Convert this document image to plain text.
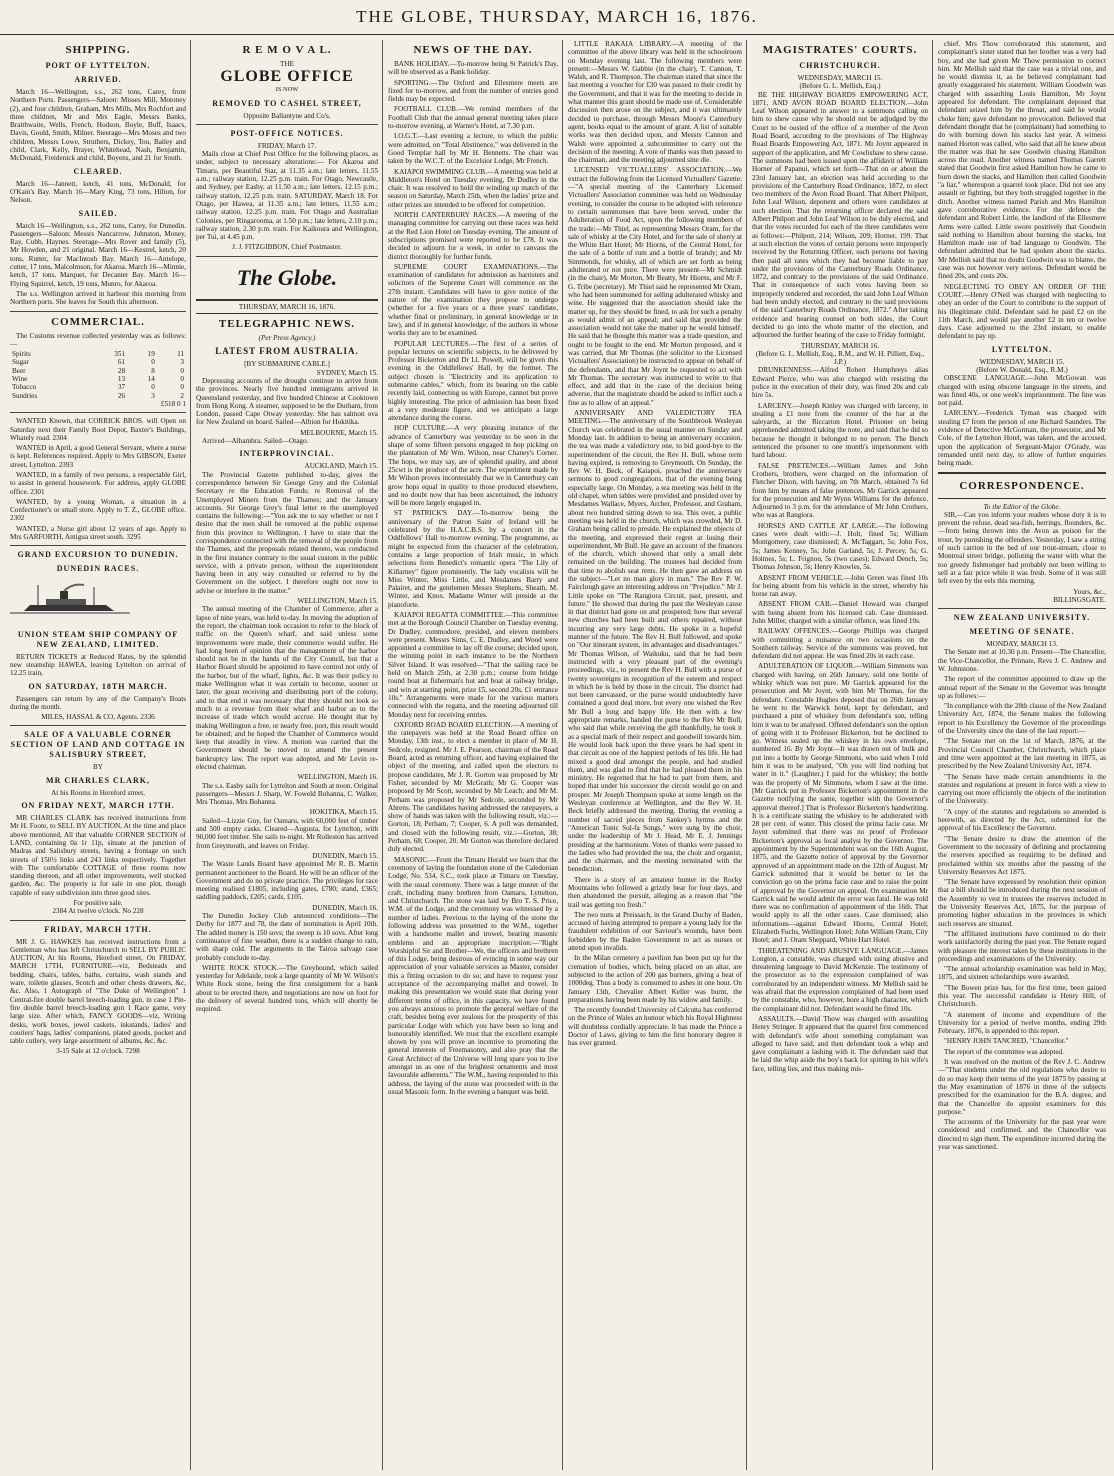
THE GLOBE, THURSDAY, MARCH 16, 1876.
SHIPPING.
PORT OF LYTTELTON.
ARRIVED.

March 16—Wellington, s.s., 262 tons, Carey, from Northern Ports. Passengers—Saloon: Misses Mill, Motoney (2), and four children, Graham, Mrs Mills, Mrs Rochfort and three children, Mr and Mrs Eagle, Messrs Banks, Braithwaite, Wells, French, Hodson, Boyle, Buff, Isaacs, Davis, Gould, Smith, Milner. Steerage—Mrs Moses and two children, Messrs Lowe, Struthers, Dickey, Tou, Bailey and child, Clark, Kelly, Brayer, Whitehead, Nash, Benjamin, McDonald, Freidenick and child, Boyens, and 21 for South.

CLEARED.

March 16—Jannett, ketch, 41 tons, McDonald, for O'Kain's Bay. March 16—Mary King, 73 tons, Hilton, for Nelson.

SAILED.

March 16—Wellington, s.s., 262 tons, Carey, for Dunedin. Passengers—Saloon: Messrs Nancarrow, Johnston, Money, Ray, Cubb, Haynes. Steerage—Mrs Rover and family (5), Mr Howden, and 21 original. March 16—Kestrel, ketch, 20 tons, Rutter, for MacIntosh Bay. March 16—Antelope, cutter, 17 tons, Malcolmson, for Akaroa. March 16—Minnie, ketch, 17 tons, Marquet, for Decanter Bay. March 16—Flying Squirrel, ketch, 19 tons, Munro, for Akaroa.

The s.s. Wellington arrived in harbour this morning from Northern ports. She leaves for South this afternoon.

COMMERCIAL.

The Customs revenue collected yesterday was as follows:—

Spirits	351	19	11
Sugar	61	0	3
Beer	28	8	0
Wine	13	14	0
Tobacco	37	0	0
Sundries	26	3	2
£518 0 1

WANTED Known, that CORRICK BROS. will Open on Saturday next their Family Boot Depot, Baxter's Buildings, Whately road. 2304

WANTED in April, a good General Servant, where a nurse is kept. References required. Apply to Mrs GIBSON, Exeter street, Lyttelton. 2393

WANTED, in a family of two persons, a respectable Girl, to assist in general housework. For address, apply GLOBE office. 2301

WANTED, by a young Woman, a situation in a Confectioner's or small store. Apply to T. Z., GLOBE office. 2302

WANTED, a Nurse girl about 12 years of age. Apply to Mrs GARFORTH, Antigua street south. 3295

GRAND EXCURSION TO DUNEDIN.
DUNEDIN RACES.
UNION STEAM SHIP COMPANY OF NEW ZEALAND, LIMITED.

RETURN TICKETS at Reduced Rates, by the splendid new steamship HAWEA, leaving Lyttelton on arrival of 12.25 train,

ON SATURDAY, 18TH MARCH.

Passengers can return by any of the Company's Boats during the month.

MILES, HASSAL & CO, Agents. 2336

SALE OF A VALUABLE CORNER SECTION OF LAND AND COTTAGE IN SALISBURY STREET,
BY
MR CHARLES CLARK,
At his Rooms in Hereford street,
ON FRIDAY NEXT, MARCH 17TH.

MR CHARLES CLARK has received instructions from Mr H. Foote, to SELL BY AUCTION, At the time and place above mentioned, All that valuable CORNER SECTION of LAND, containing 0a 1r 11p, situate at the junction of Madras and Salisbury streets, having a frontage on such streets of 150½ links and 243 links respectively. Together with The comfortable COTTAGE of three rooms now standing thereon, and all other improvements, well stocked garden, &c. The property is for sale in one plot, though capable of easy subdivision into three good sites.

For positive sale.
2384 At twelve o'clock. No 228
FRIDAY, MARCH 17TH.

MR J. G. HAWKES has received instructions from a Gentleman who has left Christchurch to SELL BY PUBLIC AUCTION, At his Rooms, Hereford street, On FRIDAY, MARCH 17TH, FURNITURE—viz, Bedsteads and bedding, chairs, tables, baths, curtains, wash stands and ware, toilette glasses, Scotch and other chests drawers, &c, &c. Also, 1 Autograph of "The Duke of Wellington" 1 Central-fire double barrel breech-loading gun, in case 1 Pin-fire double barrel breech-loading gun 1 Race game, very large size. After which, FANCY GOODS—viz, Writing desks, work boxes, jewel caskets, inkstands, ladies' and couriers' bags, ladies' companions, plated goods, pocket and table cutlery, very large assortment of albums, &c, &c.

3-15 Sale at 12 o'clock. 7298
R E M O V A L.
THE
GLOBE OFFICE
IS NOW
REMOVED TO CASHEL STREET,
Opposite Ballantyne and Co's.
POST-OFFICE NOTICES.
FRIDAY, March 17.

Mails close at Chief Post Office for the following places, as under, subject to necessary alterations:— For Akaroa and Timaru, per Beautiful Star, at 11.35 a.m.; late letters, 11.55 a.m.; railway station, 12.25 p.m. train. For Otago, Newcastle, and Sydney, per Easby, at 11.50 a.m.; late letters, 12.15 p.m.; railway station, 12.25 p.m. train. SATURDAY, March 18. For Otago, per Hawea, at 11.35 a.m.; late letters, 11.55 a.m.; railway station, 12.25 p.m. train. For Otago and Australian Colonies, per Ringarooma, at 1.50 p.m.; late letters, 2.10 p.m.; railway station, 2.30 p.m. train. For Kaikoura and Wellington, per Tui, at 4.45 p.m.

J. J. FITZGIBBON, Chief Postmaster.
The Globe.
THURSDAY, MARCH 16, 1876.
TELEGRAPHIC NEWS.
(Per Press Agency.)
LATEST FROM AUSTRALIA.
[BY SUBMARINE CABLE.]
SYDNEY, March 15.

Depressing accounts of the drought continue to arrive from the provinces. Nearly five hundred immigrants arrived in Queensland yesterday, and five hundred Chinese at Cooktown from Hong Kong. A steamer, supposed to be the Durham, from London, passed Cape Otway yesterday. She has salmon ova for New Zealand on board. Sailed—Albion for Hokitika.

MELBOURNE, March 15.

Arrived—Alhambra. Sailed—Otago.

INTERPROVINCIAL.
AUCKLAND, March 15.

The Provincial Gazette published to-day, gives the correspondence between Sir George Grey and the Colonial Secretary re the Education Funds; re Removal of the Unemployed Miners from the Thames; and the January accounts. Sir George Grey's final letter re the unemployed contains the following:—"You ask me to say whether or not I desire that the men shall be removed at the public expense from this province to Wellington. I have to state that the correspondence connected with the removal of the people from the Thames, and the proposals related thereto, was conducted in the first instance contrary to the usual custom in the public service, with a private person, without the superintendent having been in any way consulted or referred to by the Government on the subject. I therefore ought not now to advise or interfere in the matter."

WELLINGTON, March 15.

The annual meeting of the Chamber of Commerce, after a lapse of nine years, was held to-day. In moving the adoption of the report, the chairman took occasion to refer to the block of traffic on the Queen's wharf, and said unless some improvements were made, their commerce would suffer. He had long been of opinion that the management of the harbor should not be in the hands of the City Council, but that a Harbor Board should be appointed to have control not only of the harbor, but of the wharf, lights, &c. It was their policy to make Wellington what it was certain to become, sooner or later, the great receiving and distributing port of the colony, and to that end it was necessary that they should not look so much to a revenue from their wharf and harbor as to the increase of trade which would accrue. He thought that by making Wellington a free, or nearly free, port, this result would be obtained; and he hoped the Chamber of Commerce would keep that steadily in view. A motion was carried that the Government should be moved to amend the present bankruptcy law. The report was adopted, and Mr Levin re-elected chairman.

WELLINGTON, March 16.

The s.s. Easby sails for Lyttelton and South at noon. Original passengers—Messrs J. Sharp, W. Foweld Bohanna, C. Walker, Mrs Thomas, Mrs Bohanna.

HOKITIKA, March 15.

Sailed—Lizzie Guy, for Oamaru, with 60,000 feet of timber and 500 empty casks. Cleared—Augusta, for Lyttelton, with 90,000 feet timber. She sails to-night. Mr Rolleston has arrived from Greymouth, and leaves on Friday.

DUNEDIN, March 15.

The Waste Lands Board have appointed Mr R. B. Martin permanent auctioneer to the Board. He will be an officer of the Government and do no private practice. The privileges for race meeting realised £1805, including gates, £780; stand, £365; saddling paddock, £205; cards, £105.

DUNEDIN, March 16.

The Dunedin Jockey Club announced conditions—The Derby for 1877 and 78, the date of nomination is April 10th. The added money is 150 sovs; the sweep is 10 sovs. After long continuance of fine weather, there is a sudden change to rain, with sharp cold. The arguments in the Tairoa salvage case probably conclude to-day.

WHITE ROCK STOCK.—The Greyhound, which sailed yesterday for Adelaide, took a large quantity of Mr W. Wilson's White Rock stone, being the first consignment for a bank about to be erected there, and negotiations are now on foot for the delivery of several hundred tons, which will shortly be required.

NEWS OF THE DAY.

BANK HOLIDAY.—To-morrow being St Patrick's Day, will be observed as a Bank holiday.

SPORTING.—The Oxford and Ellesmere meets are fixed for to-morrow, and from the number of entries good fields may be expected.

FOOTBALL CLUB.—We remind members of the Football Club that the annual general meeting takes place to-morrow evening, at Warner's Hotel, at 7.30 p.m.

I.O.G.T.—Last evening a lecture, to which the public were admitted, on "Total Abstinence," was delivered in the Good Templar hall by Mr H. Bennetts. The chair was taken by the W.C.T. of the Excelsior Lodge, Mr French.

KAIAPOI SWIMMING CLUB.—A meeting was held at Middleton's Hotel on Tuesday evening, Dr Dudley in the chair. It was resolved to hold the winding up match of the season on Saturday, March 25th, when the ladies' prize and other prizes are intended to be offered for competition.

NORTH CANTERBURY RACES.—A meeting of the managing committee for carrying out these races was held at the Red Lion Hotel on Tuesday evening. The amount of subscriptions promised were reported to be £78. It was decided to adjourn for a week, in order to canvass the district thoroughly for further funds.

SUPREME COURT EXAMINATIONS.—The examination of candidates for admission as barristers and solicitors of the Supreme Court will commence on the 27th instant. Candidates will have to give notice of the nature of the examination they propose to undergo (whether for a five years or a three years' candidate, whether final or preliminary, in general knowledge or in law), and if in general knowledge, of the authors in whose works they are to be examined.

POPULAR LECTURES.—The first of a series of popular lectures on scientific subjects, to be delivered by Professor Bickerton and Dr Ll. Powell, will be given this evening in the Oddfellows' Hall, by the former. The subject chosen is "Electricity and its application to submarine cables," which, from its bearing on the cable recently laid, connecting us with Europe, cannot but prove highly interesting. The price of admission has been fixed at a very moderate figure, and we anticipate a large attendance during the course.

HOP CULTURE.—A very pleasing instance of the advance of Canterbury was yesterday to be seen in the shape of some fifteen persons engaged in hop picking on the plantation of Mr Wm. Wilson, near Chaney's Corner. The hops, we may say, are of splendid quality, and about 25cwt is the produce of the acre. The experiment made by Mr Wilson proves incontestably that we in Canterbury can grow hops equal in quality to those produced elsewhere, and no doubt now that has been ascertained, the industry will be more largely engaged in.

ST PATRICK'S DAY.—To-morrow being the anniversary of the Patron Saint of Ireland will be celebrated by the H.A.C.B.S. by a concert in the Oddfellows' Hall to-morrow evening. The programme, as might be expected from the character of the celebration, contains a large proportion of Irish music, in which selections from Benedict's romantic opera "The Lily of Killarney" figure prominently. The lady vocalists will be Miss Winter, Miss Little, and Mesdames Barry and Palairet, and the gentlemen Messrs Stephens, Sheath, M. Winter, and Knox. Madame Winter will preside at the pianoforte.

KAIAPOI REGATTA COMMITTEE.—This committee met at the Borough Council Chamber on Tuesday evening. Dr Dudley, commodore, presided, and eleven members were present. Messrs Sims, C. E. Dudley, and Wood were appointed a committee to lay off the course; decided upon, the winning point in each instance to be the Northern Silver Island. It was resolved—"That the sailing race be held on March 25th, at 2.30 p.m.; course from bridge round boat at fisherman's hut and boat at railway bridge, and win at starting point, prize £5, second 20s, £1 entrance 10s." Arrangements were made for the various matters connected with the regatta, and the meeting adjourned till Monday next for receiving entries.

OXFORD ROAD BOARD ELECTION.—A meeting of the ratepayers was held at the Road Board office on Monday, 13th inst., to elect a member in place of Mr H. Sedcole, resigned. Mr J. E. Pearson, chairman of the Road Board, acted as returning officer, and having explained the object of the meeting, and called upon the electors to propose candidates, Mr J. R. Gorton was proposed by Mr Fisher, seconded by Mr McGrath; Mr G. Cooper was proposed by Mr Scott, seconded by Mr Leach; and Mr M. Perham was proposed by Mr Sedcole, seconded by Mr Ahrens. The candidates having addressed the ratepayers, a show of hands was taken with the following result, viz.:—Gorton, 18; Perham, 7; Cooper, 6. A poll was demanded, and closed with the following result, viz.:—Gorton, 38; Perham, 68; Cooper, 20. Mr Gorton was therefore declared duly elected.

MASONIC.—From the Timaru Herald we learn that the ceremony of laying the foundation stone of the Caledonian Lodge, No. 534, S.C., took place at Timaru on Tuesday, with the usual ceremony. There was a large muster of the craft, including many brethren from Oamaru, Lyttelton, and Christchurch. The stone was laid by Bro T. S. Price, W.M. of the Lodge, and the ceremony was witnessed by a number of ladies. Previous to the laying of the stone the following address was presented to the W.M., together with a handsome mallet and trowel, bearing masonic emblems and an appropriate inscription:—"Right Worshipful Sir and Brother—We, the officers and brethren of this Lodge, being desirous of evincing in some way our appreciation of your valuable services as Master, consider this a fitting occasion to do so; and have to request your acceptance of the accompanying mallet and trowel. In making this presentation we would state that during your different terms of office, in this capacity, we have found you always anxious to promote the general welfare of the craft, besides being ever zealous for the prosperity of this particular Lodge with which you have been so long and honourably identified. We trust that the excellent example shown by you will prove an incentive to promoting the general interests of Freemasonry, and also pray that the Great Architect of the Universe will long spare you to live amongst us as one of the brightest ornaments and most favourable adherents." The W.M., having responded to this address, the laying of the stone was proceeded with in the usual Masonic form. In the evening a banquet was held.

LITTLE RAKAIA LIBRARY.—A meeting of the committee of the above library was held in the schoolroom on Monday evening last. The following members were present:—Messrs W. Gabbie (in the chair), T. Cannon, T. Walsh, and R. Thompson. The chairman stated that since the last meeting a voucher for £30 was passed to their credit by the Government, and that it was for the meeting to decide in what manner this grant should be made use of. Considerable discussion then arose on the subject, and it was ultimately decided to purchase, through Messrs Moore's Canterbury agent, books equal to the amount of grant. A list of suitable works was then decided upon, and Messrs Cannon and Walsh were appointed a subcommittee to carry out the decision of the meeting. A vote of thanks was then passed to the chairman, and the meeting adjourned sine die.

LICENSED VICTUALLERS' ASSOCIATION.—We extract the following from the Licensed Victuallers' Gazette:—"A special meeting of the Canterbury Licensed Victuallers' Association committee was held on Wednesday evening, to consider the course to be adopted with reference to certain summonses that have been served, under the Adulteration of Food Act, upon the following members of the trade:—Mr Thiel, as representing Messrs Oram, for the sale of whisky at the City Hotel, and for the sale of sherry at the White Hart Hotel; Mr Hiorns, of the Central Hotel, for the sale of a bottle of rum and a bottle of brandy; and Mr Simmonds, for whisky, all of which are set forth as being adulterated or not pure. There were present—Mr Schmidt (in the chair), Mr Morton, Mr Beatty, Mr Hiorns, and Mr F. G. Tribe (secretary). Mr Thiel said he represented Mr Oram, who had been summoned for selling adulterated whisky and wine. He suggested that the association should take the matter up, for they should be fined, to ask for such a penalty as would admit of an appeal; and said that provided the association would not take the matter up he would himself. He said that he thought this matter was a trade question, and ought to be fought to the end. Mr Morton proposed, and it was carried, that Mr Thomas (the solicitor to the Licensed Victuallers' Association) be instructed to appear on behalf of the defendants, and that Mr Joynt be requested to act with Mr Thomas. The secretary was instructed to write to that effect, and add that in the case of the decision being adverse, that the magistrate should be asked to inflict such a fine as to allow of an appeal."

ANNIVERSARY AND VALEDICTORY TEA MEETING.—The anniversary of the Southbrook Wesleyan Church was celebrated in the usual manner on Sunday and Monday last. In addition to being an anniversary occasion, the tea was made a valedictory one, to bid good-bye to the superintendent of the circuit, the Rev H. Bull, whose term having expired, is removing to Greymouth. On Sunday, the Rev W. H. Beck, of Kaiapoi, preached the anniversary sermons to good congregations, that of the evening being especially large. On Monday, a tea meeting was held in the old chapel, when tables were provided and presided over by Mesdames Wallace, Myers, Archer, Professor, and Graham, about two hundred sitting down to tea. This over, a public meeting was held in the church, which was crowded, Mr D. Graham being called to preside. He explained the objects of the meeting, and expressed their regret at losing their superintendent, Mr Bull. He gave an account of the finances of the church, which showed that only a small debt remained on the building. The trustees had decided from that time to abolish seat rents. He then gave an address on the subject—"Let no man glory in man." The Rev P. W. Fairclough gave an interesting address on "Prejudice." Mr J. Little spoke on "The Rangiora Circuit, past, present, and future." He showed that during the past the Wesleyan cause in that district had gone on and prospered; how that several new churches had been built and others repaired, without incurring any very large debts. He spoke in a hopeful manner of the future. The Rev H. Bull followed, and spoke on "Our itinerant system, its advantages and disadvantages." Mr Thomas Wilson, of Waikuku, said that he had been instructed with a very pleasant part of the evening's proceedings, viz., to present the Rev H. Bull with a purse of twenty sovereigns in recognition of the esteem and respect in which he is held by those in the circuit. The district had not been canvassed, or the purse would undoubtedly have contained a good deal more, but every one wished the Rev Mr Bull a long and happy life. He then with a few appropriate remarks, handed the purse to the Rev Mr Bull, who said that while receiving the gift thankfully, he took it as a special mark of their respect and goodwill towards him. He would look back upon the three years he had spent in that circuit as one of the happiest periods of his life. He had mixed a good deal amongst the people, and had studied them, and was glad to find that he had pleased them in his ministry. He regretted that he had to part from them, and hoped that under his successor the circuit would go on and prosper. Mr Joseph Thompson spoke at some length on the Wesleyan conference at Wellington, and the Rev W. H. Beck briefly addressed the meeting. During the evening a number of sacred pieces from Sankey's hymns and the "American Tonic Sol-fa Songs," were sung by the choir, under the leadership of Mr J. Head, Mr E. J. Jennings presiding at the harmonium. Votes of thanks were passed to the ladies who had provided the tea, the choir and organist, and the chairman, and the meeting terminated with the benediction.

There is a story of an amateur hunter in the Rocky Mountains who followed a grizzly bear for four days, and then abandoned the pursuit, alleging as a reason that "the trail was getting too fresh."

The two nuns at Preissach, in the Grand Duchy of Baden, accused of having attempted to prepare a young lady for the fraudulent exhibition of our Saviour's wounds, have been forbidden by the Baden Government to act as nurses or attend upon invalids.

In the Milan cemetery a pavilion has been put up for the cremation of bodies, which, being placed on an altar, are subjected to the action of 200 gas burners, giving a heat of 1000deg. Thus a body is consumed to ashes in one hour. On January 13th, Chevalier Albert Keller was burnt, the preparations having been made by his widow and family.

The recently founded University of Calcutta has conferred on the Prince of Wales an honour which his Royal Highness will doubtless cordially appreciate. It has made the Prince a Doctor of Laws, giving to him the first honorary degree it has ever granted.

MAGISTRATES' COURTS.
CHRISTCHURCH.
WEDNESDAY, MARCH 15.
(Before G. L. Mellish, Esq.)

BE THE HIGHWAY BOARDS EMPOWERING ACT, 1871, AND AVON ROAD BOARD ELECTION.—John Leaf Wilson appeared in answer to a summons calling on him to shew cause why he should not be adjudged by the Court to be ousted of the office of a member of the Avon Road Board, according to the provisions of The Highway Road Boards Empowering Act, 1871. Mr Joynt appeared in support of the application, and Mr Cowlishaw to shew cause. The summons had been issued upon the affidavit of William Horner of Papanui, which set forth—That on or about the 23rd January last, an election was held according to the provisions of the Canterbury Road Ordinance, 1872, to elect two members of the Avon Road Board. That Albert Philpott, John Leaf Wilson, deponent and others were candidates at such election. That the returning officer declared the said Albert Philpott and John Leaf Wilson to be duly elected, and that the votes recorded for each of the three candidates were as follows:—Philpott, 214; Wilson, 209; Horner, 199. That at such election the votes of certain persons were improperly received by the Returning Officer, such persons not having then paid all rates which they had become liable to pay under the provisions of the Canterbury Roads Ordinance, 1872, and contrary to the provisions of the said Ordinance. That in consequence of such votes having been so improperly tendered and recorded, the said John Leaf Wilson had been unduly elected, and contrary to the said provisions of the said Canterbury Roads Ordinance, 1872." After taking evidence and hearing counsel on both sides, the Court decided to go into the whole matter of the election, and adjourned the further hearing of the case to Friday fortnight.

THURSDAY, MARCH 16.
(Before G. L. Mellish, Esq., R.M., and W. H. Pilliett, Esq., J.P.)

DRUNKENNESS.—Alfred Robert Humphreys alias Edward Pierce, who was also charged with resisting the police in the execution of their duty, was fined 20s and cab hire 5s.

LARCENY.—Joseph Kinley was charged with larceny, in stealing a £1 note from the counter of the bar at the saleyards, at the Riccarton Hotel. Prisoner on being apprehended admitted taking the note, and said that he did so because he thought it belonged to no person. The Bench sentenced the prisoner to one month's imprisonment with hard labour.

FALSE PRETENCES.—William James and John Crothers, brothers, were charged on the information of Fletcher Dixon, with having, on 7th March, obtained 7s 6d from him by means of false pretences. Mr Garrick appeared for the prosecution and Mr Wynn Williams for the defence. Adjourned to 3 p.m. for the attendance of Mr John Crothers, who was at Rangiora.

HORSES AND CATTLE AT LARGE.—The following cases were dealt with:—J. Holt, fined 5s; William Montgomery, case dismissed; A. McTaggart, 5s; John Fox, 5s; James Kenney, 5s; John Garland, 5s; J. Percey, 5s; G. Holmes, 5s; L. Frignou, 5s (two cases); Edward Dench, 5s; Thomas Johnson, 5s; Henry Knowles, 5s.

ABSENT FROM VEHICLE.—John Green was fined 10s for being absent from his vehicle in the street, whereby his horse ran away.

ABSENT FROM CAB.—Daniel Howard was charged with being absent from his licensed cab. Case dismissed. John Miller, charged with a similar offence, was fined 10s.

RAILWAY OFFENCES.—George Phillips was charged with committing a nuisance on two occasions on the Southern railway. Service of the summons was proved, but defendant did not appear. He was fined 20s in each case.

ADULTERATION OF LIQUOR.—William Simmons was charged with having, on 26th January, sold one bottle of whisky which was not pure. Mr Garrick appeared for the prosecution and Mr Joynt, with him Mr Thomas, for the defendant. Constable Hughes deposed that on 26th January he went to the Warwick hotel, kept by defendant, and purchased a pint of whiskey from defendant's son, telling him it was to be analysed. Offered defendant's son the option of going with it to Professor Bickerton, but he declined to go. Witness sealed up the whiskey in his own envelope, numbered 16. By Mr Joynt—It was drawn out of bulk and put into a bottle by George Simmons, who said when I told him it was to be analysed, "Oh you will find nothing but water in it." (Laughter.) I paid for the whiskey; the bottle was the property of Mr Simmons, whom I saw at the time. [Mr Garrick put in Professor Bickerton's appointment in the Gazette notifying the same, together with the Governor's approval thereof.] That is Professor Bickerton's handwriting. It is a certificate stating the whiskey to be adulterated with 28 per cent. of water. This closed the prima facie case. Mr Joynt submitted that there was no proof of Professor Bickerton's approval as local analyst by the Governor. The appointment by the Superintendent was on the 16th August, 1875, and the Gazette notice of approval by the Governor approved of an appointment made on the 12th of August. Mr Garrick submitted that it would be better to let the conviction go on the prima facie case and to raise the point of approval by the Governor on appeal. On examination Mr Garrick said he would admit the error was fatal. He was told there was no confirmation of appointment of the 16th. That would apply to all the other cases. Case dismissed; also informations—against Edward Hiorns, Central Hotel; Elizabeth Fuchs, Wellington Hotel; John William Oram, City Hotel; and J. Oram Sheppard, White Hart Hotel.

THREATENING AND ABUSIVE LANGUAGE.—James Longton, a constable, was charged with using abusive and threatening language to David McKenzie. The testimony of the prosecutor as to the expression complained of was corroborated by an independent witness. Mr Mellish said he was afraid that the expression complained of had been used by the constable, who, however, bore a high character, which the complainant did not. Defendant would be fined 10s.

ASSAULTS.—David Thow was charged with assaulting Henry Stringer. It appeared that the quarrel first commenced with defendant's wife about something complainant was alleged to have said, and then defendant took a whip and gave complainant a lashing with it. The defendant said that he laid the whip aside the boy's back for spitting in his wife's face, telling lies, and thus making mis-

chief. Mrs Thow corroborated this statement, and complainant's sister stated that her brother was a very bad boy, and she had given Mr Thow permission to correct him. Mr Mellish said that the case was a trivial one, and he would dismiss it, as he believed complainant had greatly exaggerated his statement. William Goodwin was charged with assaulting Louis Hamilton, Mr Joynt appeared for defendant. The complainant deposed that defendant seized him by the throat, and said he would choke him; gave defendant no provocation. Believed that defendant thought that he (complainant) had something to do with burning down his stacks last year. A witness named Horton was called, who said that all he knew about the matter was that he saw Goodwin chasing Hamilton across the road. Another witness named Thomas Garrett stated that Goodwin first asked Hamilton how he came to burn down the stacks, and Hamilton then called Goodwin "a liar," whereupon a quarrel took place. Did not see any assault or fighting, but they both struggled together in the ditch. Another witness named Parish and Mrs Hamilton gave corroborative evidence. For the defence the defendant and Robert Little, the landlord of the Ellesmere Arms were called. Little swore positively that Goodwin said nothing to Hamilton about burning the stacks, but Hamilton made use of bad language to Goodwin. The defendant admitted that he had spoken about the stacks. Mr Mellish said that no doubt Goodwin was to blame, the case was not however very serious. Defendant would be fined 20s, and costs 20s.

NEGLECTING TO OBEY AN ORDER OF THE COURT.—Henry O'Neil was charged with neglecting to obey an order of the Court to contribute to the support of his illegitimate child. Defendant said he paid £2 on the 11th March, and would pay another £2 in ten or twelve days. Case adjourned to the 23rd instant, to enable defendant to pay up.

LYTTELTON.
WEDNESDAY, MARCH 15.
(Before W. Donald, Esq., R.M.)

OBSCENE LANGUAGE.—John McGowan was charged with using obscene language in the streets, and was fined 40s, or one week's imprisonment. The fine was not paid.

LARCENY.—Frederick Tyman was charged with stealing £7 from the person of one Richard Saunders. The evidence of Detective McGorman, the prosecutor, and Mr Cole, of the Lyttelton Hotel, was taken, and the accused, upon the application of Sergeant-Major O'Grady, was remanded until next day, to allow of further enquiries being made.

CORRESPONDENCE.
To the Editor of the Globe.

SIR,—Can you inform your readers whose duty it is to prevent the refuse, dead sea-fish, herrings, flounders, &c.—from being thrown into the Avon as poison for the trout, by punishing the offenders. Yesterday, I saw a string of such carrion in the bed of our trout-stream, close to Montreal street bridge, polluting the water with what the too greedy fishmonger had probably not been willing to sell at a fair price while it was fresh. Some of it was still left even by the eels this morning.

Yours, &c.,
BILLINGSGATE.
NEW ZEALAND UNIVERSITY.
MEETING OF SENATE.
MONDAY, MARCH 13.

The Senate met at 10.30 p.m. Present—The Chancellor, the Vice-Chancellor, the Primate, Revs J. C. Andrew and W. Johnstone.

The report of the committee appointed to draw up the annual report of the Senate to the Governor was brought up as follows:—

"In compliance with the 28th clause of the New Zealand University Act, 1874, the Senate makes the following report to his Excellency the Governor of the proceedings of the University since the date of the last report:—

"The Senate met on the 1st of March, 1876, at the Provincial Council Chamber, Christchurch, which place and time were appointed at the last meeting in 1875, as prescribed by the New Zealand University Act, 1874.

"The Senate have made certain amendments in the statutes and regulations at present in force with a view to carrying out more efficiently the objects of the institution of the University.

"A copy of the statutes and regulations so amended is herewith, as directed by the Act, submitted for the approval of his Excellency the Governor.

"The Senate desire to draw the attention of the Government to the necessity of defining and proclaiming the reserves specified as requiring to be defined and proclaimed within six months after the passing of the University Reserves Act 1875.

"The Senate have expressed by resolution their opinion that a bill should be introduced during the next session of the Assembly to vest in trustees the reserves included in the University Reserves Act, 1875, for the purpose of promoting higher education in the provinces in which such reserves are situated.

"The affiliated institutions have continued to do their work satisfactorily during the past year. The Senate regard with pleasure the interest taken by these institutions in the proceedings and examinations of the University.

"The annual scholarship examination was held in May, 1875, and sixteen scholarships were awarded.

"The Bowen prize has, for the first time, been gained this year. The successful candidate is Henry Hill, of Christchurch.

"A statement of income and expenditure of the University for a period of twelve months, ending 29th February, 1876, is appended to this report.

"HENRY JOHN TANCRED, "Chancellor."

The report of the committee was adopted.

It was resolved on the motion of the Rev J. C. Andrew—"That students under the old regulations who desire to do so may keep their terms of the year 1875 by passing at the May examination of 1876 in three of the subjects prescribed for the examination for the B.A. degree, and that the Chancellor do appoint examiners for this purpose."

The accounts of the University for the past year were considered and confirmed, and the Chancellor was directed to sign them. The expenditure incurred during the year was sanctioned.
